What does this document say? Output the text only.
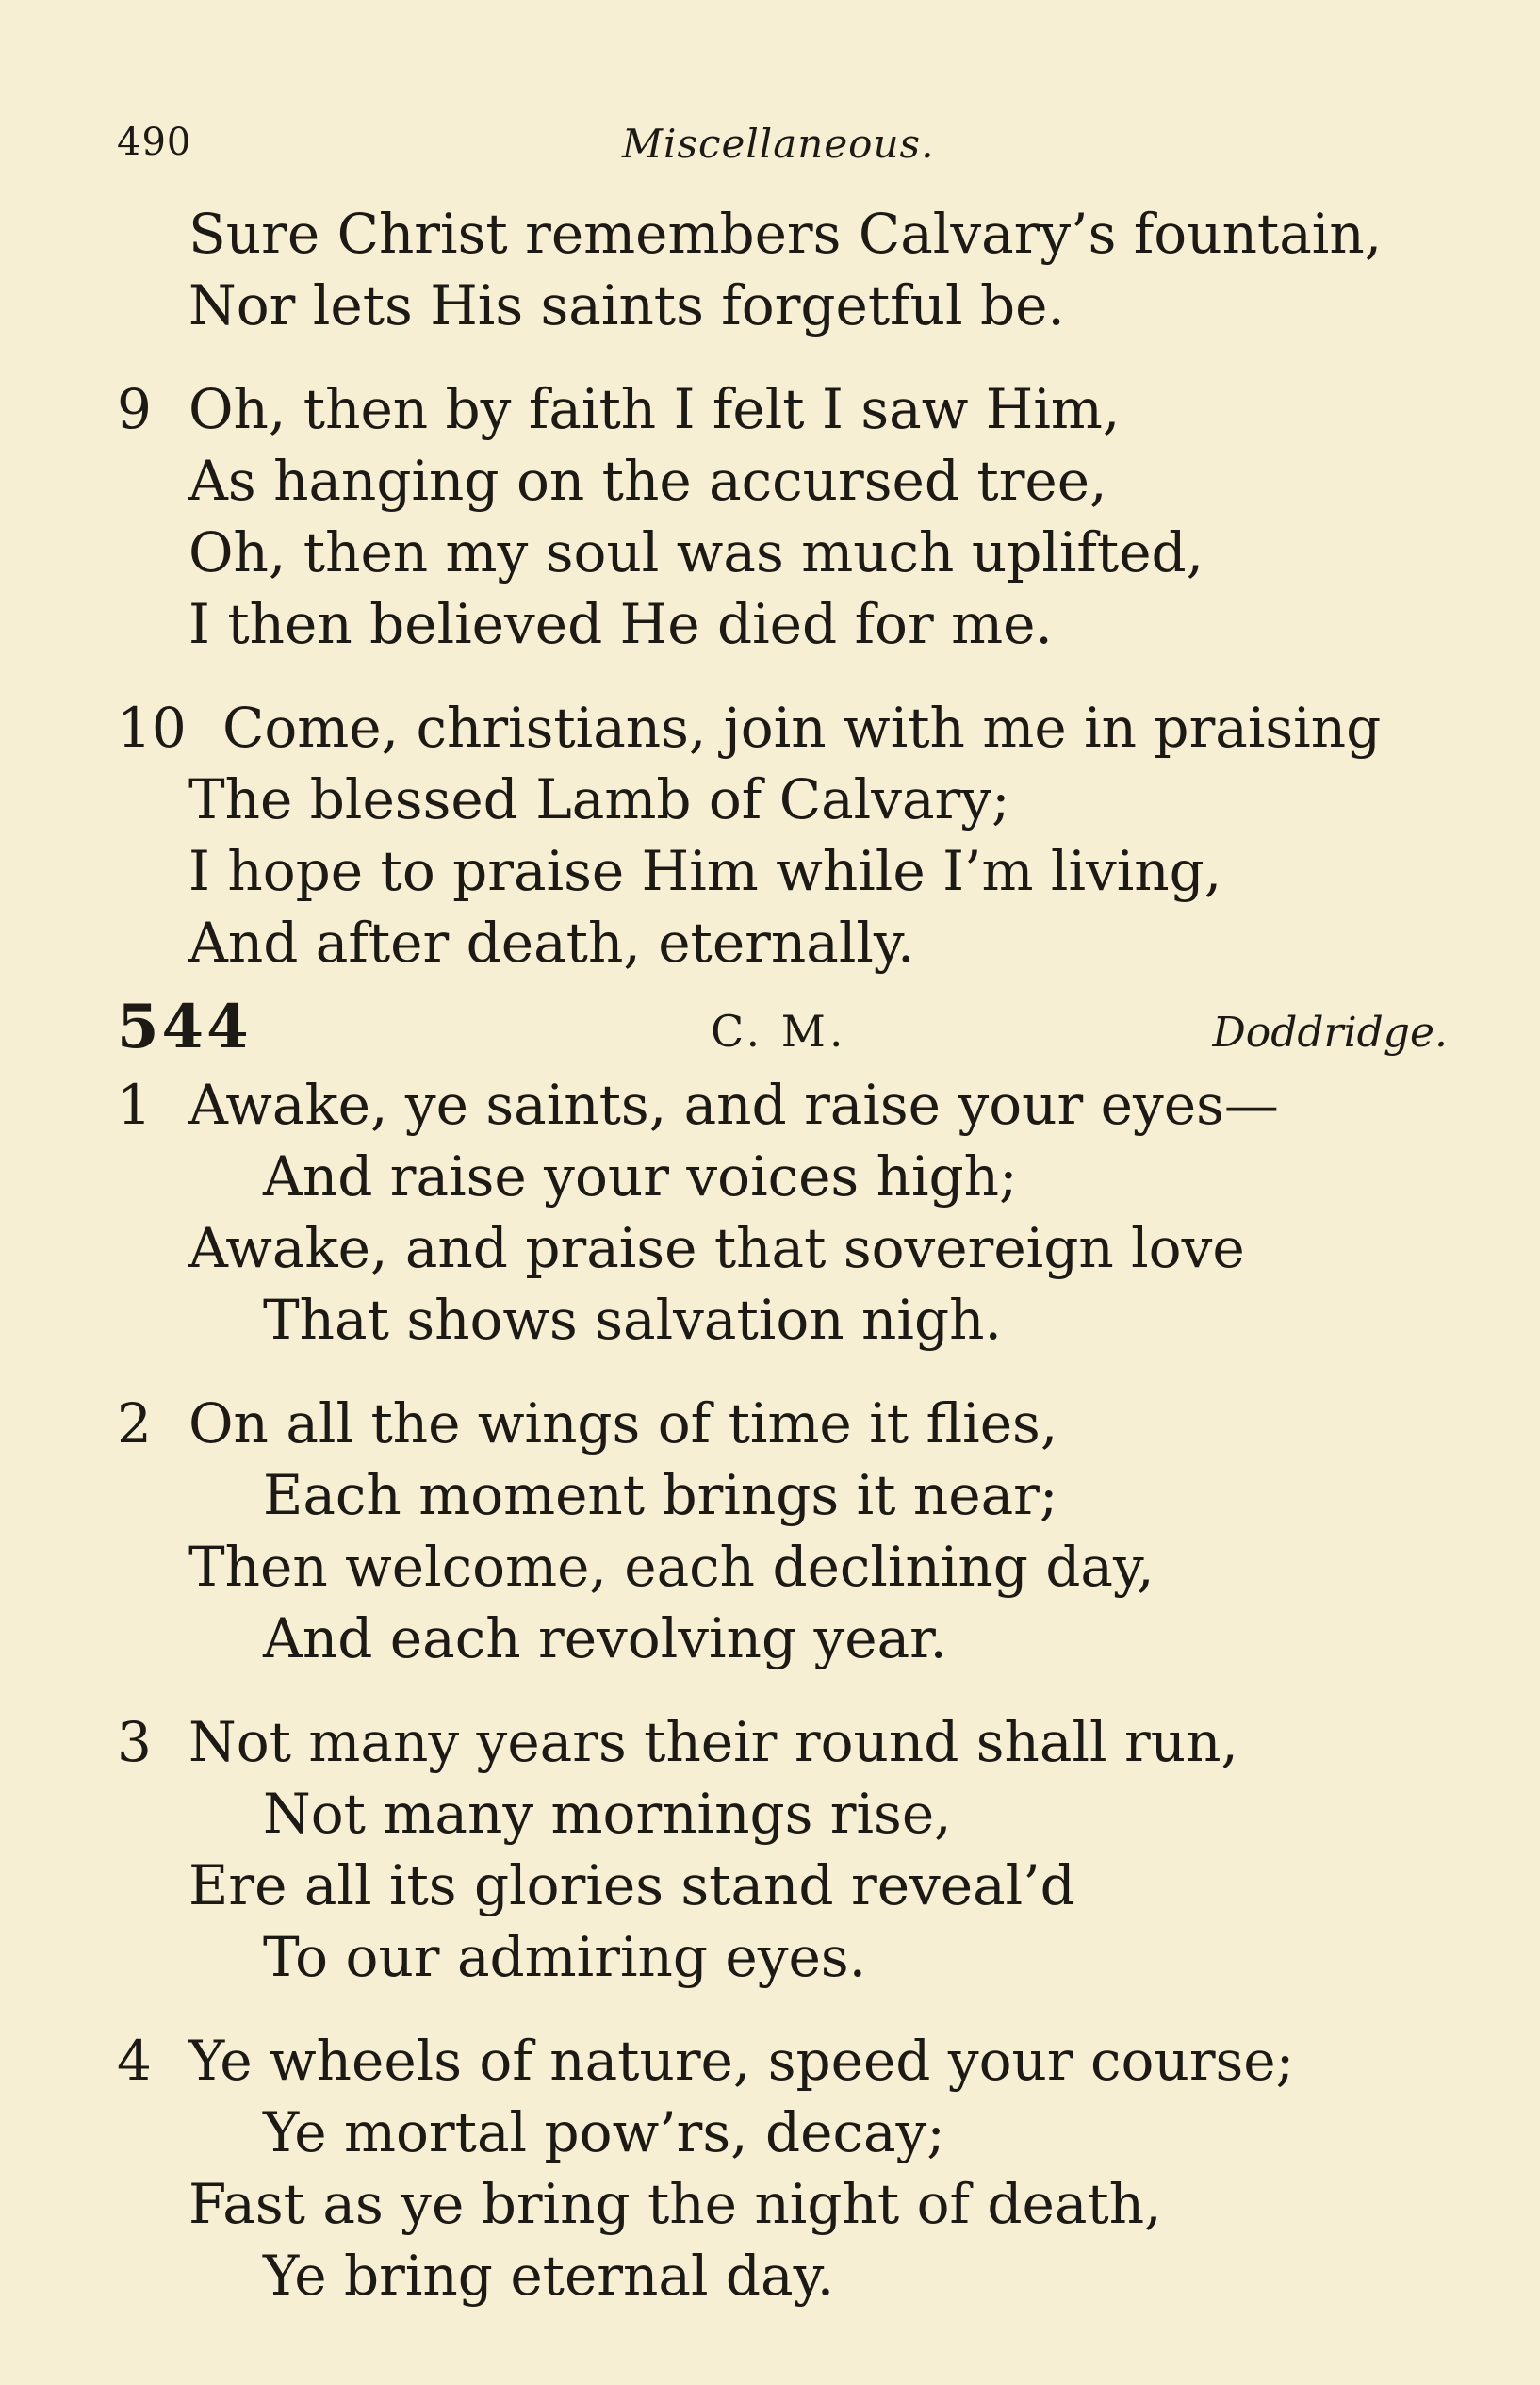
490	Miscellaneous.
Sure Christ remembers Calvary’s fountain,
Nor lets His saints forgetful be.
9 Oh, then by faith I felt I saw Him,
As hanging on the accursed tree,
Oh, then my soul was much uplifted,
I then believed He died for me.
10 Come, christians, join with me in praising
The blessed Lamb of Calvary;
I hope to praise Him while I’m living,
And after death, eternally.
544	C. M.	Doddridge.
1 Awake, ye saints, and raise your eyes—
And raise your voices high;
Awake, and praise that sovereign love
That shows salvation nigh.
2 On all the wings of time it flies,
Each moment brings it near;
Then welcome, each declining day,
And each revolving year.
3 Not many years their round shall run,
Not many mornings rise,
Ere all its glories stand reveal’d
To our admiring eyes.
4 Ye wheels of nature, speed your course;
Ye mortal pow’rs, decay;
Fast as ye bring the night of death,
Ye bring eternal day.
